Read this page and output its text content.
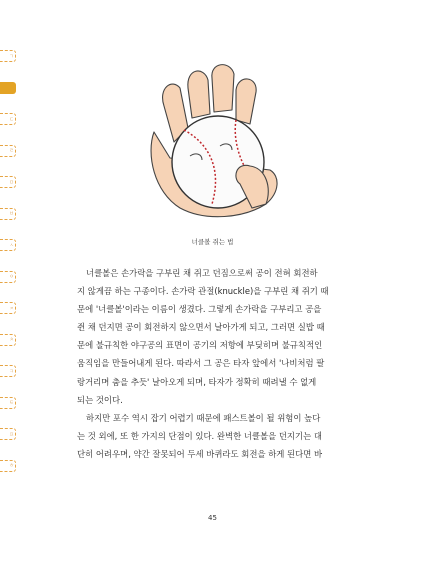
ㄱ
ㄴ
ㄷ
ㄹ
ㅁ
ㅂ
ㅅ
ㅇ
ㅈ
ㅊ
ㅋ
ㅌ
ㅍ
ㅎ
너클볼 쥐는 법
너클볼은 손가락을 구부린 채 쥐고 던짐으로써 공이 전혀 회전하
지 않게끔 하는 구종이다. 손가락 관절(knuckle)을 구부린 채 쥐기 때
문에 '너클볼'이라는 이름이 생겼다. 그렇게 손가락을 구부리고 공을
쥔 채 던지면 공이 회전하지 않으면서 날아가게 되고, 그러면 실밥 때
문에 불규칙한 야구공의 표면이 공기의 저항에 부딪히며 불규칙적인
움직임을 만들어내게 된다. 따라서 그 공은 타자 앞에서 '나비처럼 팔
랑거리며 춤을 추듯' 날아오게 되며, 타자가 정확히 때려낼 수 없게
되는 것이다.
하지만 포수 역시 잡기 어렵기 때문에 패스트볼이 될 위험이 높다
는 것 외에, 또 한 가지의 단점이 있다. 완벽한 너클볼을 던지기는 대
단히 어려우며, 약간 잘못되어 두세 바퀴라도 회전을 하게 된다면 바
45
